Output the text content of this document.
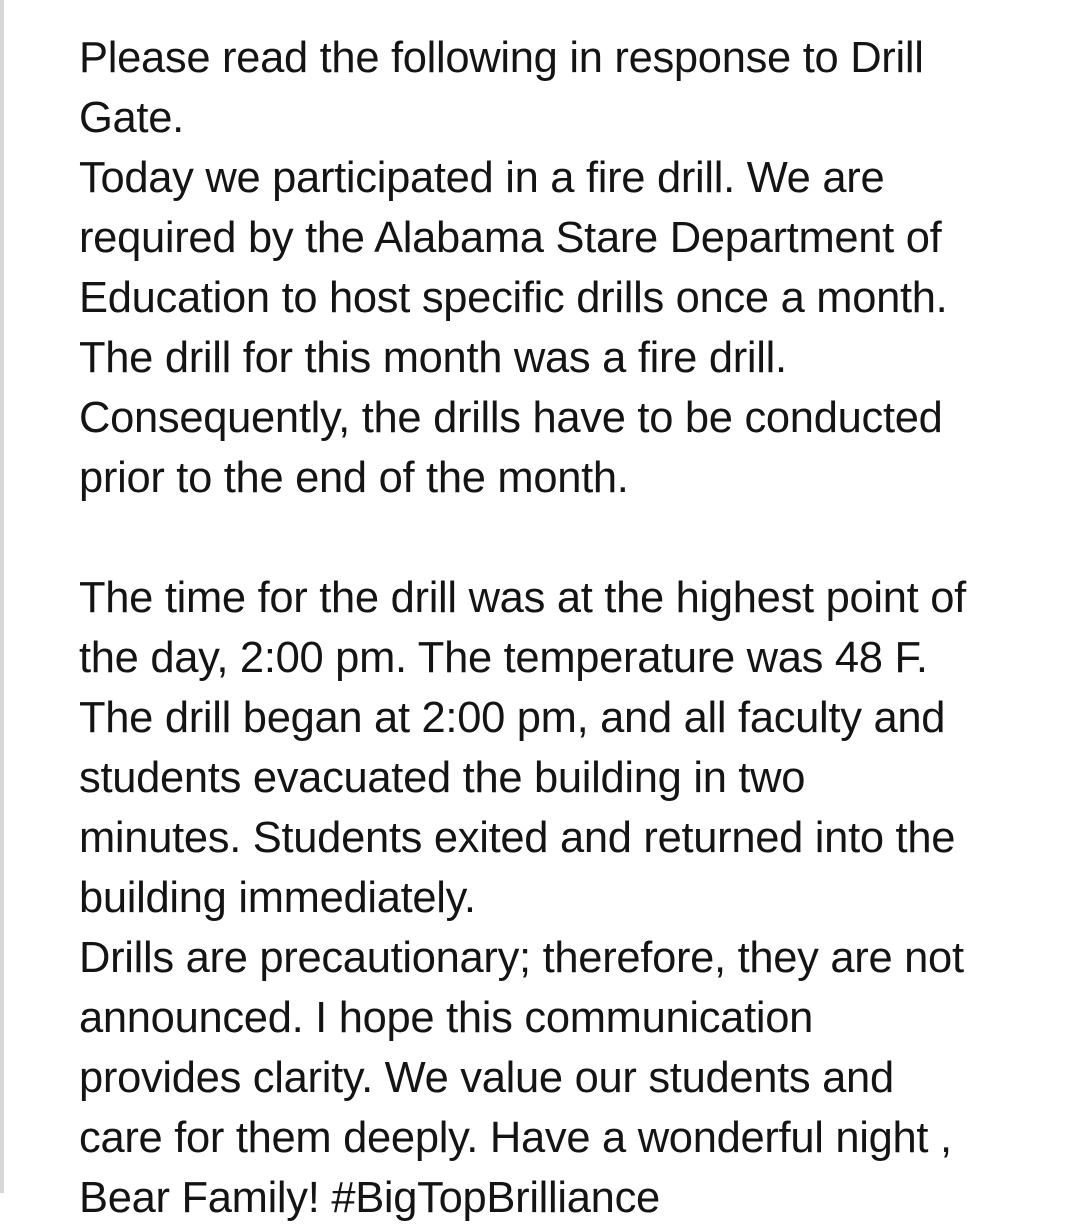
Please read the following in response to Drill
Gate.
Today we participated in a fire drill. We are
required by the Alabama Stare Department of
Education to host specific drills once a month.
The drill for this month was a fire drill.
Consequently, the drills have to be conducted
prior to the end of the month.
The time for the drill was at the highest point of
the day, 2:00 pm. The temperature was 48 F.
The drill began at 2:00 pm, and all faculty and
students evacuated the building in two
minutes. Students exited and returned into the
building immediately.
Drills are precautionary; therefore, they are not
announced. I hope this communication
provides clarity. We value our students and
care for them deeply. Have a wonderful night ,
Bear Family! #BigTopBrilliance
